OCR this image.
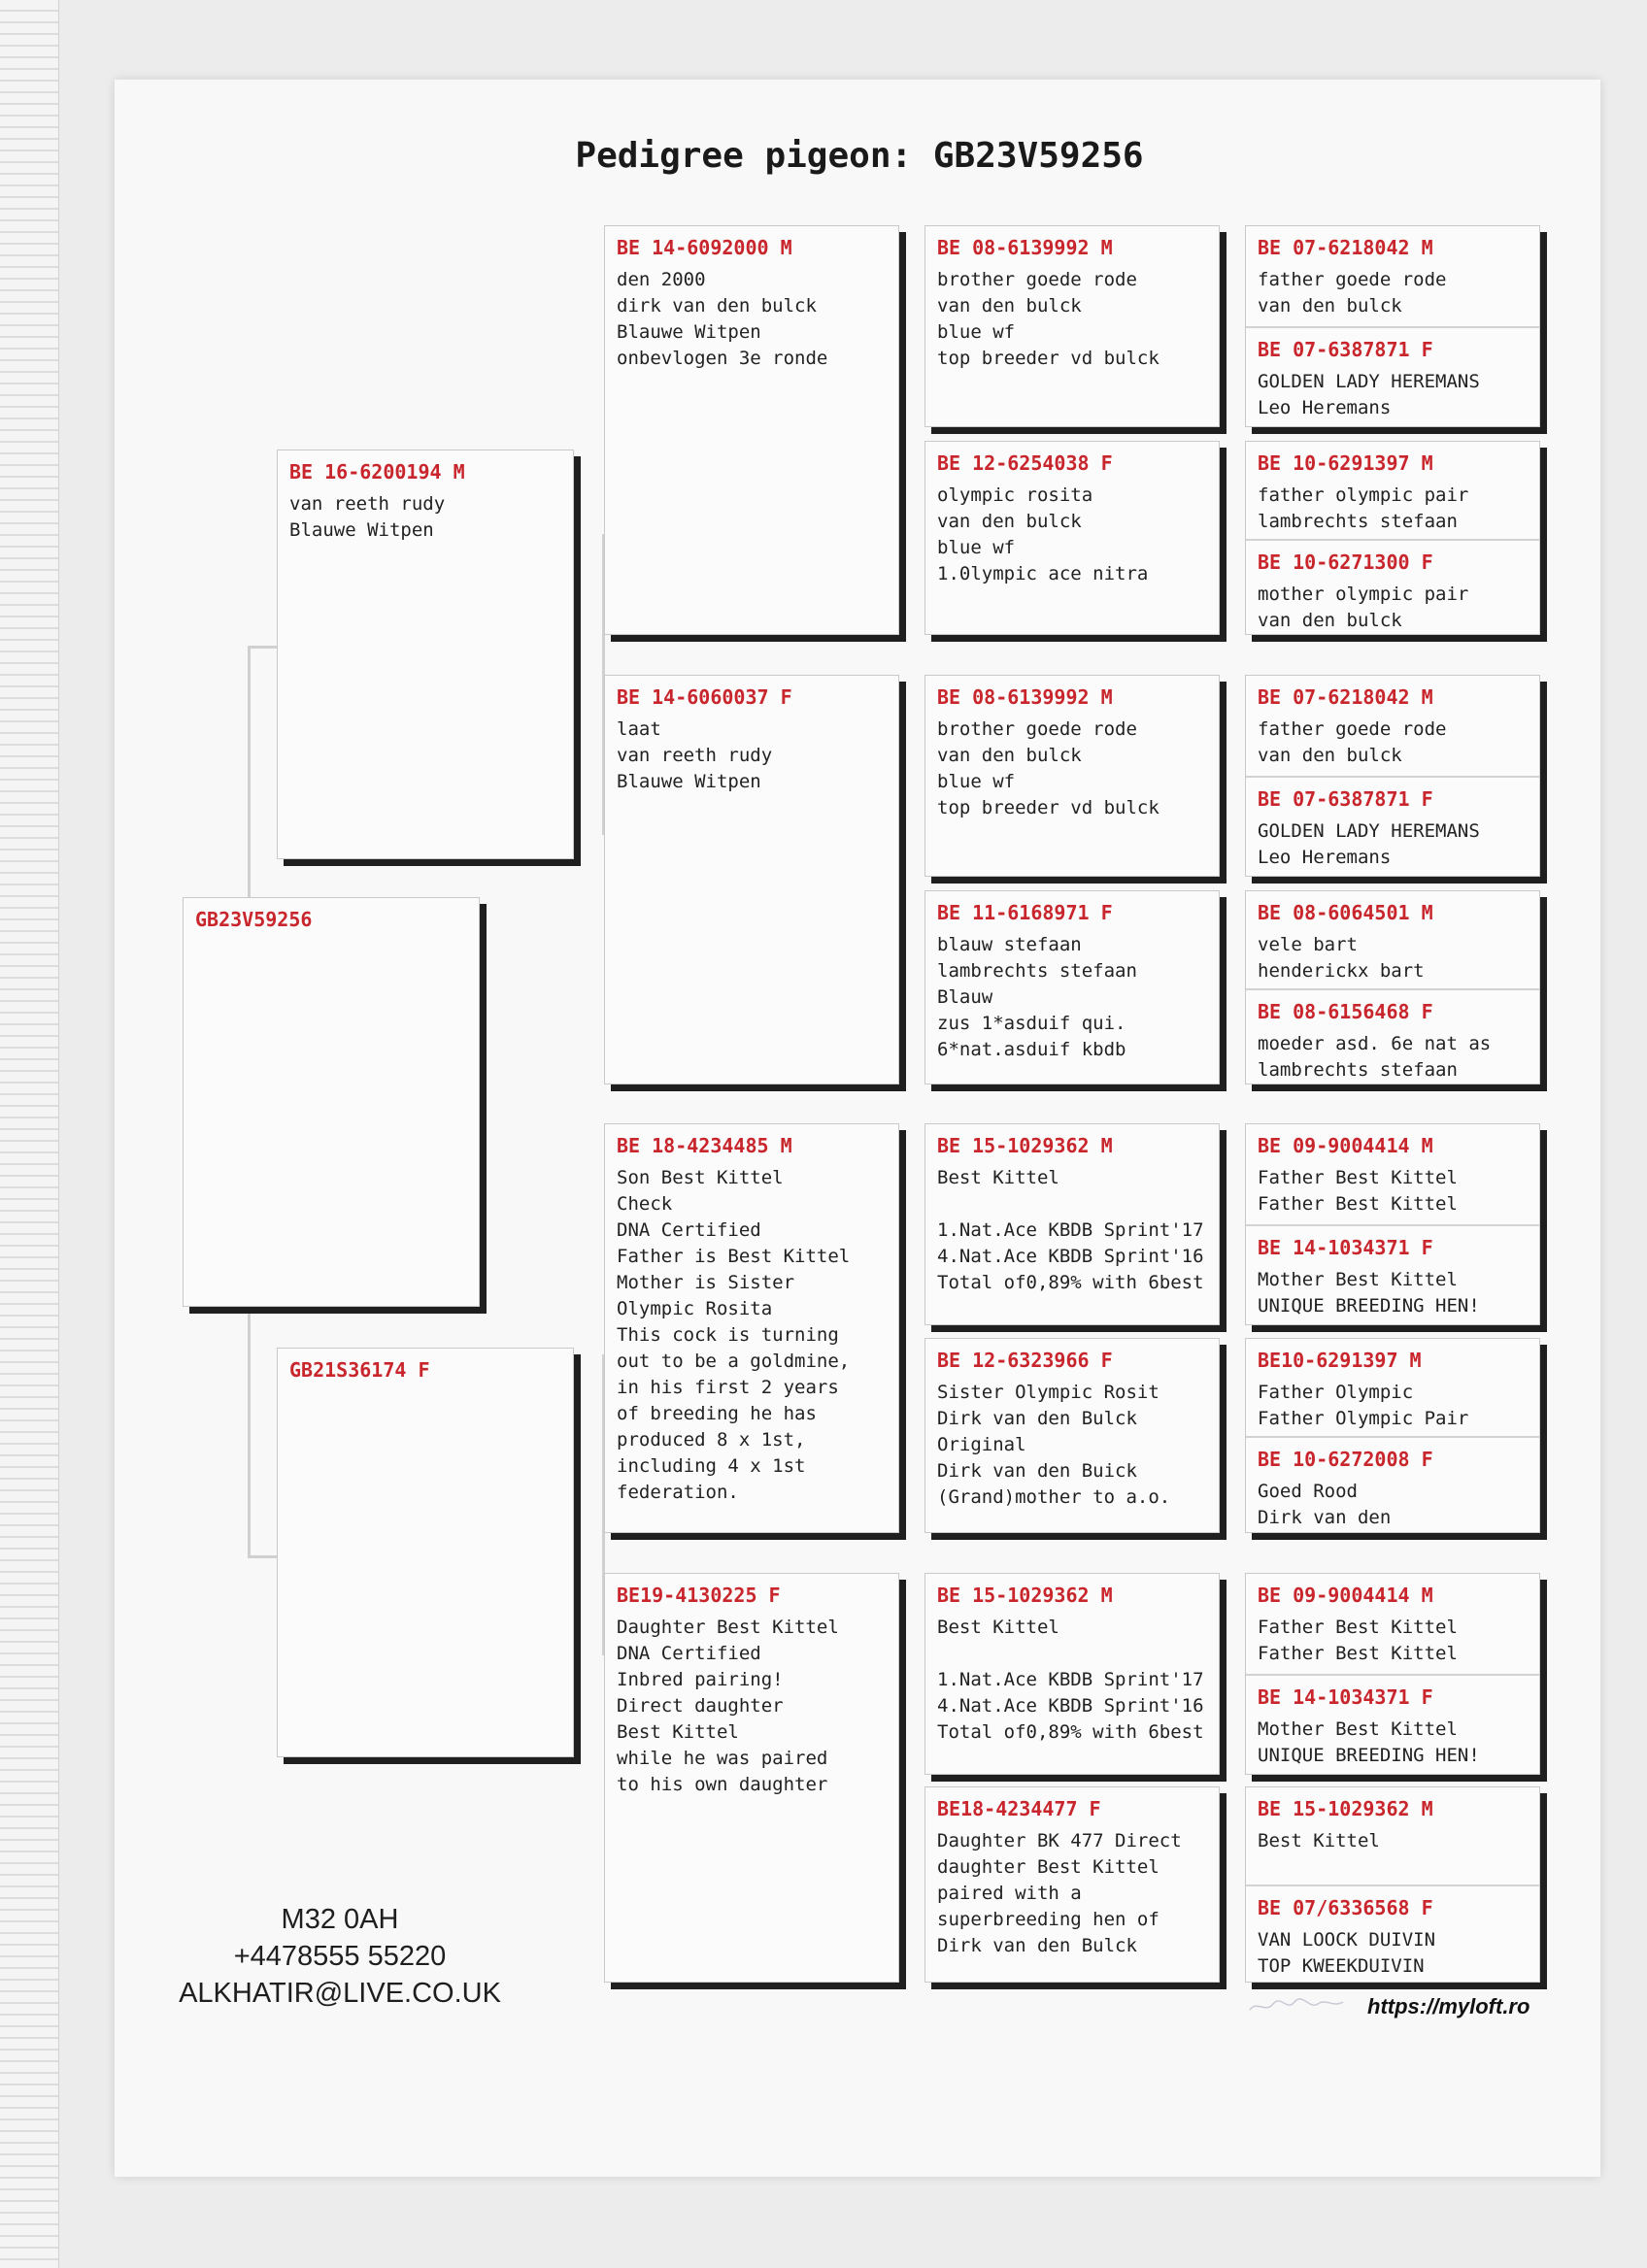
Pedigree pigeon: GB23V59256
GB23V59256
BE 16-6200194 M
van reeth rudy
Blauwe Witpen
GB21S36174 F
BE 14-6092000 M
den 2000
dirk van den bulck
Blauwe Witpen
onbevlogen 3e ronde
BE 14-6060037 F
laat
van reeth rudy
Blauwe Witpen
BE 18-4234485 M
Son Best Kittel
Check
DNA Certified
Father is Best Kittel
Mother is Sister
Olympic Rosita
This cock is turning
out to be a goldmine,
in his first 2 years
of breeding he has
produced 8 x 1st,
including 4 x 1st
federation.
BE19-4130225 F
Daughter Best Kittel
DNA Certified
Inbred pairing!
Direct daughter
Best Kittel
while he was paired
to his own daughter
BE 08-6139992 M
brother goede rode
van den bulck
blue wf
top breeder vd bulck
BE 12-6254038 F
olympic rosita
van den bulck
blue wf
1.0lympic ace nitra
BE 08-6139992 M
brother goede rode
van den bulck
blue wf
top breeder vd bulck
BE 11-6168971 F
blauw stefaan
lambrechts stefaan
Blauw
zus 1*asduif qui.
6*nat.asduif kbdb
BE 15-1029362 M
Best Kittel

1.Nat.Ace KBDB Sprint'17
4.Nat.Ace KBDB Sprint'16
Total of0,89% with 6best
BE 12-6323966 F
Sister Olympic Rosit
Dirk van den Bulck
Original
Dirk van den Buick
(Grand)mother to a.o.
BE 15-1029362 M
Best Kittel

1.Nat.Ace KBDB Sprint'17
4.Nat.Ace KBDB Sprint'16
Total of0,89% with 6best
BE18-4234477 F
Daughter BK 477 Direct
daughter Best Kittel
paired with a
superbreeding hen of
Dirk van den Bulck
BE 07-6218042 M
father goede rode
van den bulck
BE 07-6387871 F
GOLDEN LADY HEREMANS
Leo Heremans
BE 10-6291397 M
father olympic pair
lambrechts stefaan
BE 10-6271300 F
mother olympic pair
van den bulck
BE 07-6218042 M
father goede rode
van den bulck
BE 07-6387871 F
GOLDEN LADY HEREMANS
Leo Heremans
BE 08-6064501 M
vele bart
henderickx bart
BE 08-6156468 F
moeder asd. 6e nat as
lambrechts stefaan
BE 09-9004414 M
Father Best Kittel
Father Best Kittel
BE 14-1034371 F
Mother Best Kittel
UNIQUE BREEDING HEN!
BE10-6291397 M
Father Olympic
Father Olympic Pair
BE 10-6272008 F
Goed Rood
Dirk van den
BE 09-9004414 M
Father Best Kittel
Father Best Kittel
BE 14-1034371 F
Mother Best Kittel
UNIQUE BREEDING HEN!
BE 15-1029362 M
Best Kittel
BE 07/6336568 F
VAN LOOCK DUIVIN
TOP KWEEKDUIVIN
M32 0AH
+4478555 55220
ALKHATIR@LIVE.CO.UK	https://myloft.ro
